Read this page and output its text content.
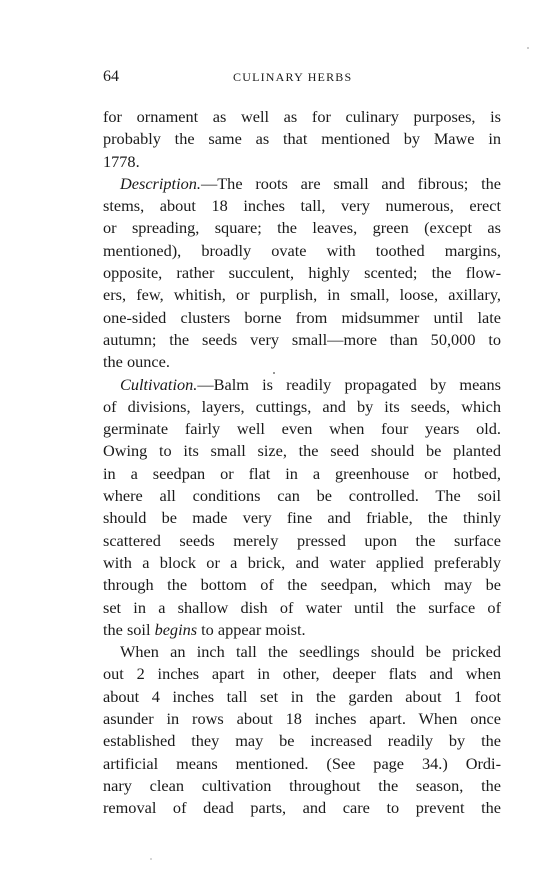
64	CULINARY HERBS
for ornament as well as for culinary purposes, is
probably the same as that mentioned by Mawe in
1778.
Description.—The roots are small and fibrous; the
stems, about 18 inches tall, very numerous, erect
or spreading, square; the leaves, green (except as
mentioned), broadly ovate with toothed margins,
opposite, rather succulent, highly scented; the flow-
ers, few, whitish, or purplish, in small, loose, axillary,
one-sided clusters borne from midsummer until late
autumn; the seeds very small—more than 50,000 to
the ounce.
Cultivation.—Balm is readily propagated by means
of divisions, layers, cuttings, and by its seeds, which
germinate fairly well even when four years old.
Owing to its small size, the seed should be planted
in a seedpan or flat in a greenhouse or hotbed,
where all conditions can be controlled. The soil
should be made very fine and friable, the thinly
scattered seeds merely pressed upon the surface
with a block or a brick, and water applied preferably
through the bottom of the seedpan, which may be
set in a shallow dish of water until the surface of
the soil begins to appear moist.
When an inch tall the seedlings should be pricked
out 2 inches apart in other, deeper flats and when
about 4 inches tall set in the garden about 1 foot
asunder in rows about 18 inches apart. When once
established they may be increased readily by the
artificial means mentioned. (See page 34.) Ordi-
nary clean cultivation throughout the season, the
removal of dead parts, and care to prevent the
